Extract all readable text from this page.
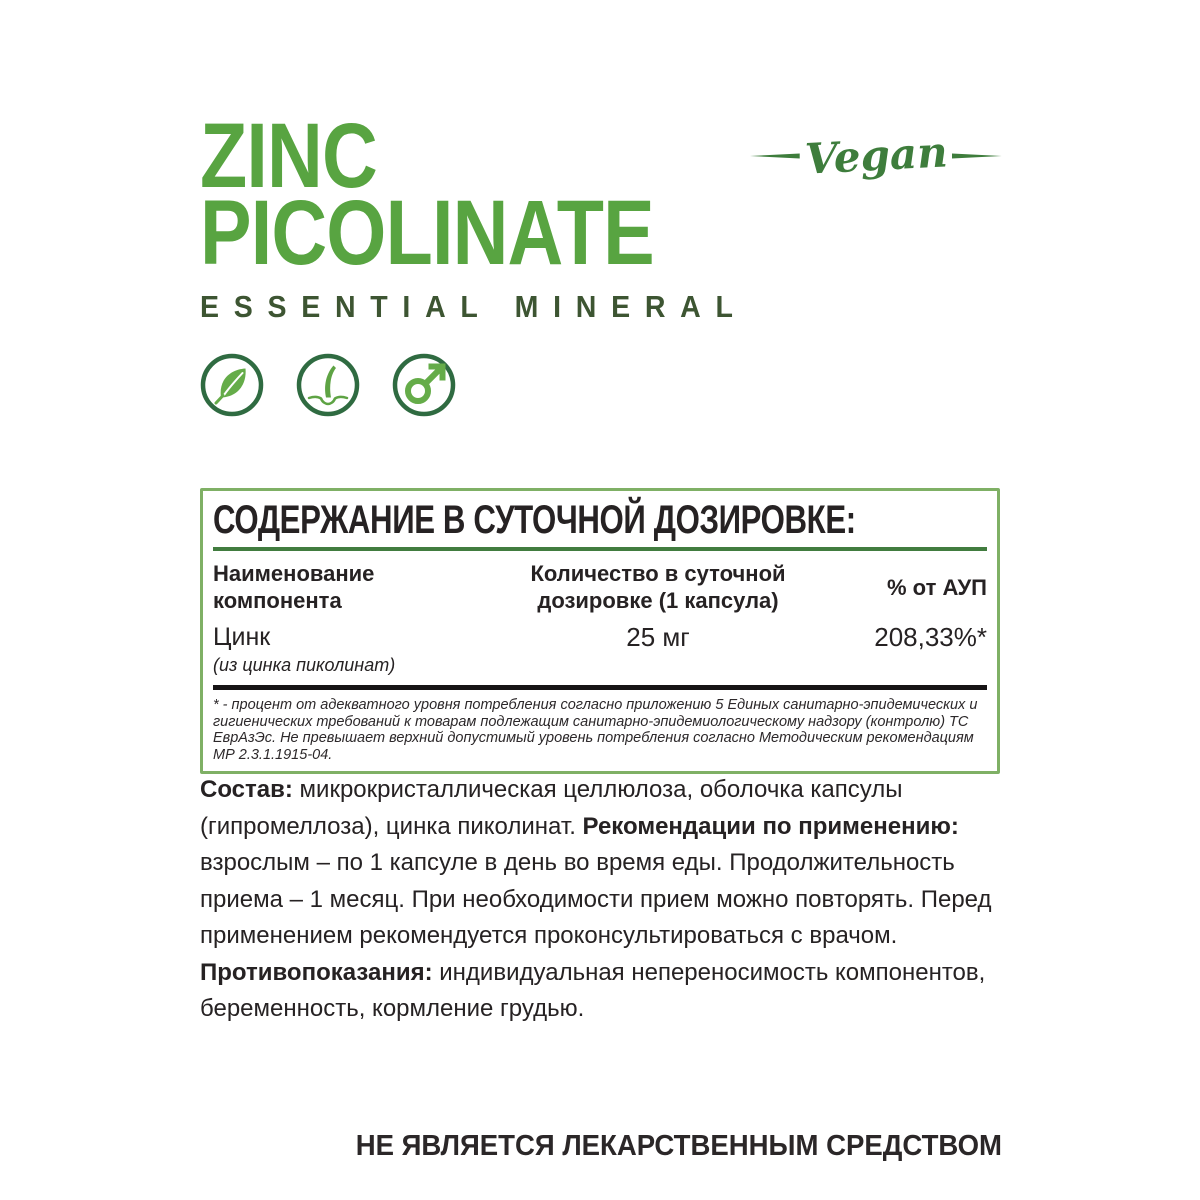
ZINC
PICOLINATE
ESSENTIAL MINERAL
Vegan
СОДЕРЖАНИЕ В СУТОЧНОЙ ДОЗИРОВКЕ:
Наименование компонента
Количество в суточной дозировке (1 капсула)
% от АУП
Цинк
(из цинка пиколинат)
25 мг	208,33%*

* - процент от адекватного уровня потребления согласно приложению 5 Единых санитарно-эпидемических и гигиенических требований к товарам подлежащим санитарно-эпидемиологическому надзору (контролю) ТС ЕврАзЭс. Не превышает верхний допустимый уровень потребления согласно Методическим рекомендациям МР 2.3.1.1915-04.

Состав: микрокристаллическая целлюлоза, оболочка капсулы (гипромеллоза), цинка пиколинат. Рекомендации по применению: взрослым – по 1 капсуле в день во время еды. Продолжительность приема – 1 месяц. При необходимости прием можно повторять. Перед применением рекомендуется проконсультироваться с врачом. Противопоказания: индивидуальная непереносимость компонентов, беременность, кормление грудью.

НЕ ЯВЛЯЕТСЯ ЛЕКАРСТВЕННЫМ СРЕДСТВОМ
